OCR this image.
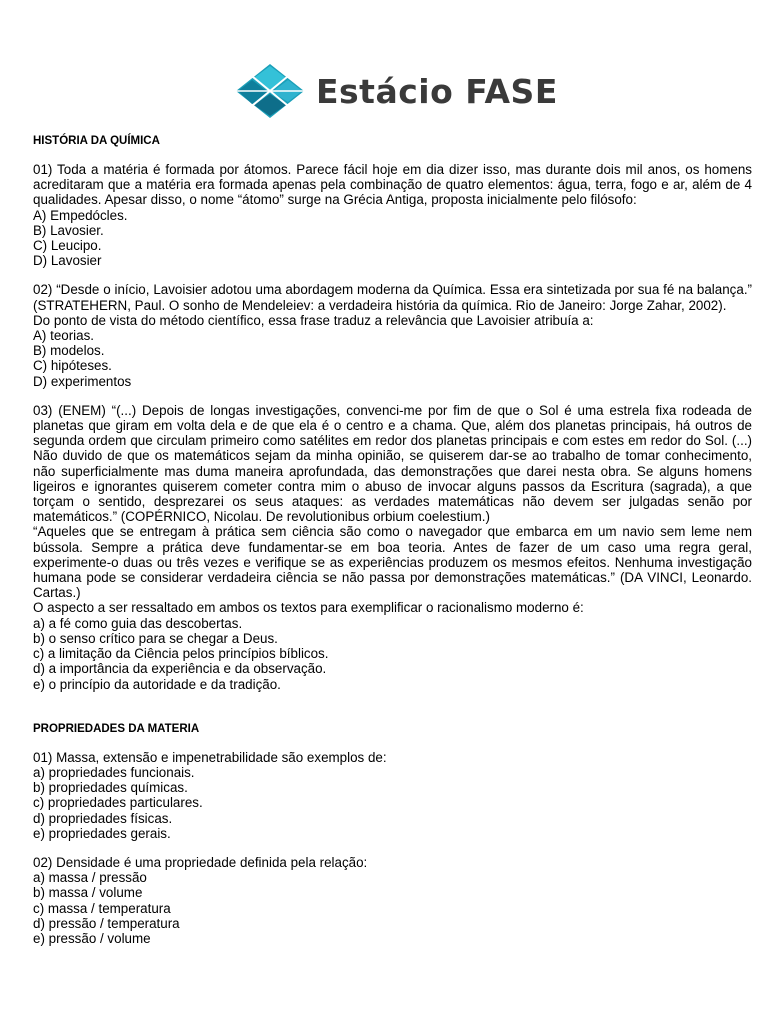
Estácio FASE
HISTÓRIA DA QUÍMICA

01) Toda a matéria é formada por átomos. Parece fácil hoje em dia dizer isso, mas durante dois mil anos, os homens acreditaram que a matéria era formada apenas pela combinação de quatro elementos: água, terra, fogo e ar, além de 4 qualidades. Apesar disso, o nome “átomo” surge na Grécia Antiga, proposta inicialmente pelo filósofo:

A) Empedócles.
B) Lavosier.
C) Leucipo.
D) Lavosier

02) “Desde o início, Lavoisier adotou uma abordagem moderna da Química. Essa era sintetizada por sua fé na balança.” (STRATEHERN, Paul. O sonho de Mendeleiev: a verdadeira história da química. Rio de Janeiro: Jorge Zahar, 2002).

Do ponto de vista do método científico, essa frase traduz a relevância que Lavoisier atribuía a:

A) teorias.
B) modelos.
C) hipóteses.
D) experimentos

03) (ENEM) “(...) Depois de longas investigações, convenci-me por fim de que o Sol é uma estrela fixa rodeada de planetas que giram em volta dela e de que ela é o centro e a chama. Que, além dos planetas principais, há outros de segunda ordem que circulam primeiro como satélites em redor dos planetas principais e com estes em redor do Sol. (...) Não duvido de que os matemáticos sejam da minha opinião, se quiserem dar-se ao trabalho de tomar conhecimento, não superficialmente mas duma maneira aprofundada, das demonstrações que darei nesta obra. Se alguns homens ligeiros e ignorantes quiserem cometer contra mim o abuso de invocar alguns passos da Escritura (sagrada), a que torçam o sentido, desprezarei os seus ataques: as verdades matemáticas não devem ser julgadas senão por matemáticos.” (COPÉRNICO, Nicolau. De revolutionibus orbium coelestium.)

“Aqueles que se entregam à prática sem ciência são como o navegador que embarca em um navio sem leme nem bússola. Sempre a prática deve fundamentar-se em boa teoria. Antes de fazer de um caso uma regra geral, experimente-o duas ou três vezes e verifique se as experiências produzem os mesmos efeitos. Nenhuma investigação humana pode se considerar verdadeira ciência se não passa por demonstrações matemáticas.” (DA VINCI, Leonardo. Cartas.)

O aspecto a ser ressaltado em ambos os textos para exemplificar o racionalismo moderno é:

a) a fé como guia das descobertas.
b) o senso crítico para se chegar a Deus.
c) a limitação da Ciência pelos princípios bíblicos.
d) a importância da experiência e da observação.
e) o princípio da autoridade e da tradição.
PROPRIEDADES DA MATERIA

01) Massa, extensão e impenetrabilidade são exemplos de:

a) propriedades funcionais.
b) propriedades químicas.
c) propriedades particulares.
d) propriedades físicas.
e) propriedades gerais.

02) Densidade é uma propriedade definida pela relação:

a) massa / pressão
b) massa / volume
c) massa / temperatura
d) pressão / temperatura
e) pressão / volume
